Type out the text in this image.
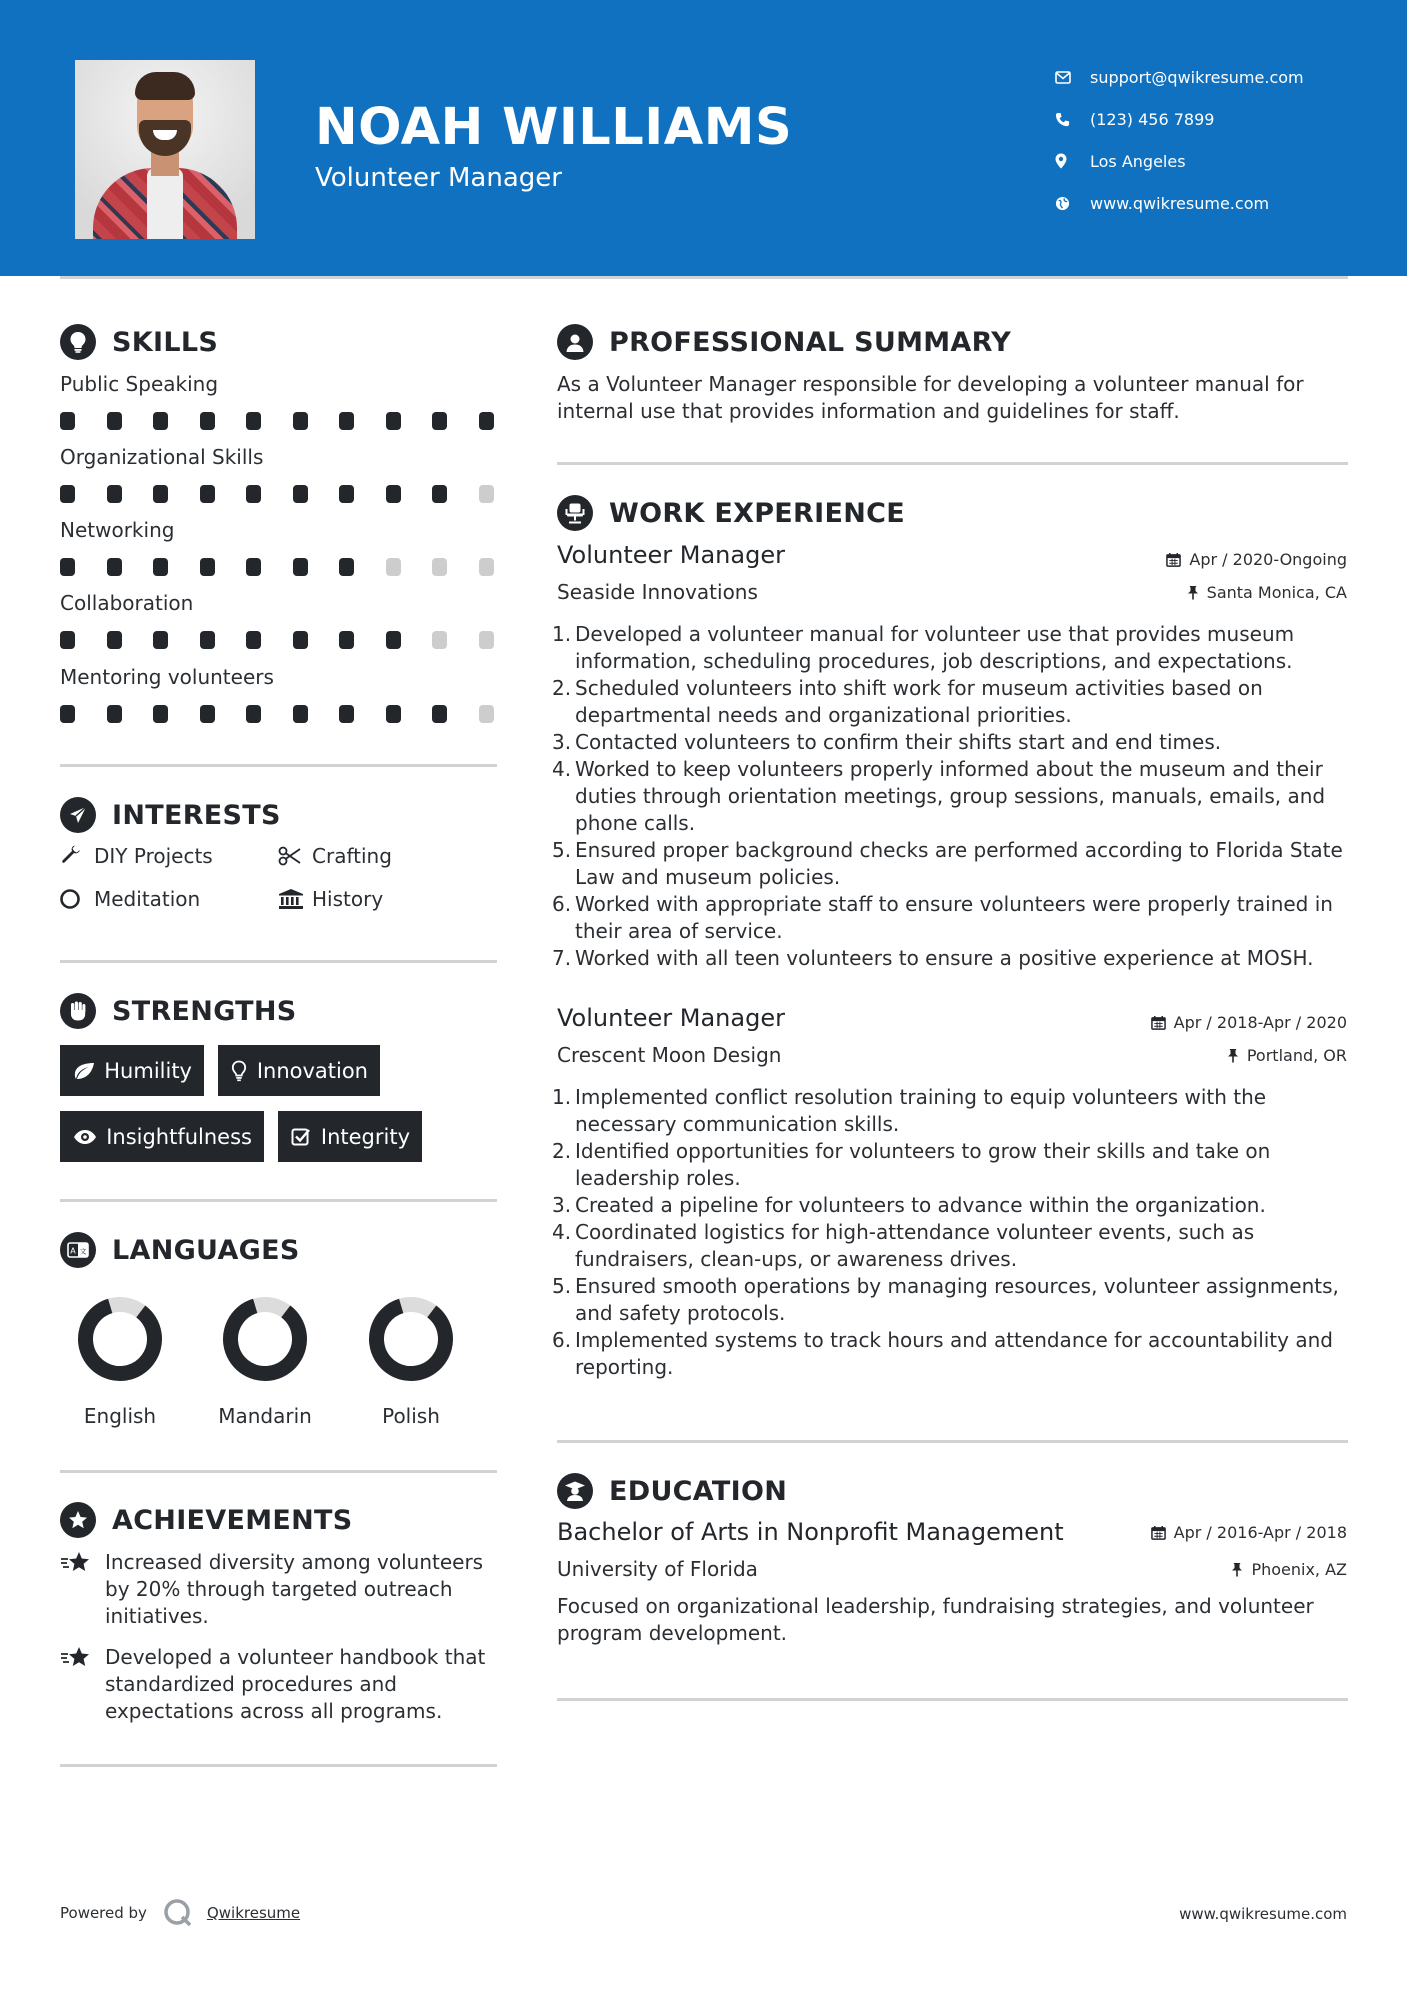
NOAH WILLIAMS
Volunteer Manager
support@qwikresume.com
(123) 456 7899
Los Angeles
www.qwikresume.com
SKILLS
Public Speaking
Organizational Skills
Networking
Collaboration
Mentoring volunteers
INTERESTS
DIY Projects	Crafting
Meditation	History
STRENGTHS
Humility	Innovation
Insightfulness	Integrity
A 文 LANGUAGES
English	Mandarin	Polish
ACHIEVEMENTS
Increased diversity among volunteers by 20% through targeted outreach initiatives.
Developed a volunteer handbook that standardized procedures and expectations across all programs.
PROFESSIONAL SUMMARY
As a Volunteer Manager responsible for developing a volunteer manual for internal use that provides information and guidelines for staff.
WORK EXPERIENCE
Volunteer Manager	Apr / 2020-Ongoing
Seaside Innovations	Santa Monica, CA
1. Developed a volunteer manual for volunteer use that provides museum information, scheduling procedures, job descriptions, and expectations.
2. Scheduled volunteers into shift work for museum activities based on departmental needs and organizational priorities.
3. Contacted volunteers to confirm their shifts start and end times.
4. Worked to keep volunteers properly informed about the museum and their duties through orientation meetings, group sessions, manuals, emails, and phone calls.
5. Ensured proper background checks are performed according to Florida State Law and museum policies.
6. Worked with appropriate staff to ensure volunteers were properly trained in their area of service.
7. Worked with all teen volunteers to ensure a positive experience at MOSH.
Volunteer Manager	Apr / 2018-Apr / 2020
Crescent Moon Design	Portland, OR
1. Implemented conflict resolution training to equip volunteers with the necessary communication skills.
2. Identified opportunities for volunteers to grow their skills and take on leadership roles.
3. Created a pipeline for volunteers to advance within the organization.
4. Coordinated logistics for high-attendance volunteer events, such as fundraisers, clean-ups, or awareness drives.
5. Ensured smooth operations by managing resources, volunteer assignments, and safety protocols.
6. Implemented systems to track hours and attendance for accountability and reporting.
EDUCATION
Bachelor of Arts in Nonprofit Management	Apr / 2016-Apr / 2018
University of Florida	Phoenix, AZ
Focused on organizational leadership, fundraising strategies, and volunteer program development.
Powered by	Qwikresume	www.qwikresume.com
